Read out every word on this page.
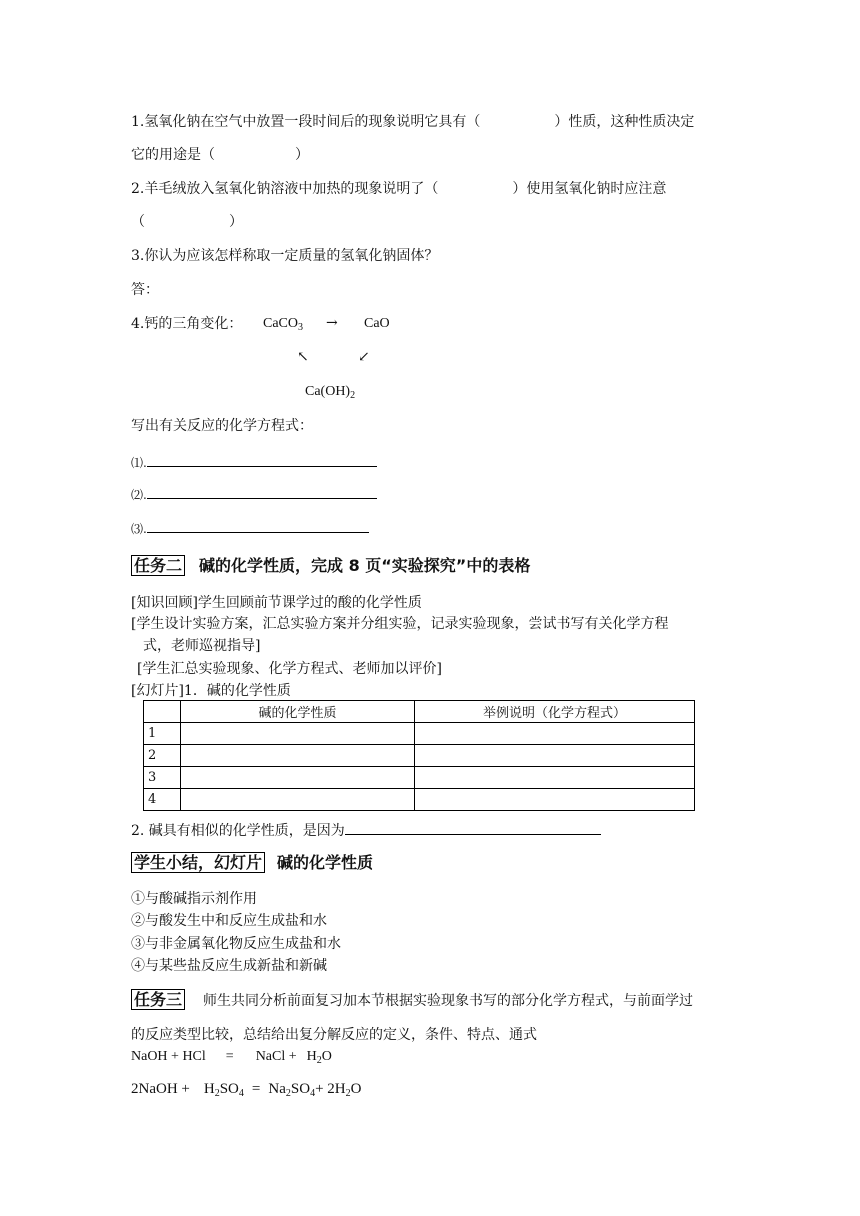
1.氢氧化钠在空气中放置一段时间后的现象说明它具有（	）性质，这种性质决定
它的用途是（	）
2.羊毛绒放入氢氧化钠溶液中加热的现象说明了（	）使用氢氧化钠时应注意
（	）
3.你认为应该怎样称取一定质量的氢氧化钠固体？
答：
4.钙的三角变化： CaCO$_3$ → CaO
↖	↙
$Ca(OH)_2$
写出有关反应的化学方程式：
⑴.
⑵.
⑶.
任务二 碱的化学性质，完成 8 页“实验探究”中的表格
[知识回顾]学生回顾前节课学过的酸的化学性质
[学生设计实验方案，汇总实验方案并分组实验，记录实验现象，尝试书写有关化学方程
式，老师巡视指导]
[学生汇总实验现象、化学方程式、老师加以评价]
[幻灯片]1．碱的化学性质
	碱的化学性质	举例说明（化学方程式）
1		
2		
3		
4		
2. 碱具有相似的化学性质，是因为
学生小结，幻灯片 碱的化学性质
①与酸碱指示剂作用
②与酸发生中和反应生成盐和水
③与非金属氧化物反应生成盐和水
④与某些盐反应生成新盐和新碱
任务三 师生共同分析前面复习加本节根据实验现象书写的部分化学方程式，与前面学过
的反应类型比较，总结给出复分解反应的定义，条件、特点、通式
NaOH + HCl = NaCl + $H_2O$
2NaOH + $H_2SO_4 = Na_2SO_4+ 2H_2O$
